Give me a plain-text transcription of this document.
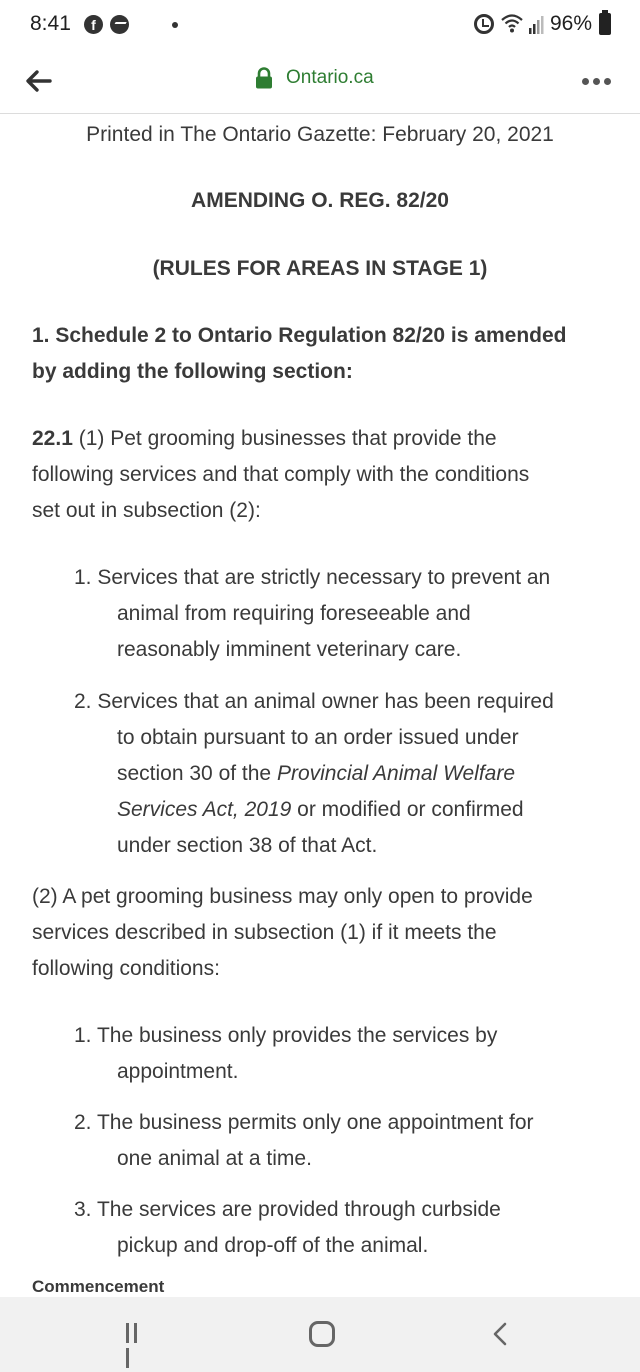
8:41	f	96%
Ontario.ca
Printed in The Ontario Gazette: February 20, 2021
AMENDING O. REG. 82/20
(RULES FOR AREAS IN STAGE 1)
1. Schedule 2 to Ontario Regulation 82/20 is amended
by adding the following section:
22.1 (1) Pet grooming businesses that provide the
following services and that comply with the conditions
set out in subsection (2):
1. Services that are strictly necessary to prevent an
animal from requiring foreseeable and
reasonably imminent veterinary care.
2. Services that an animal owner has been required
to obtain pursuant to an order issued under
section 30 of the Provincial Animal Welfare
Services Act, 2019 or modified or confirmed
under section 38 of that Act.
(2) A pet grooming business may only open to provide
services described in subsection (1) if it meets the
following conditions:
1. The business only provides the services by
appointment.
2. The business permits only one appointment for
one animal at a time.
3. The services are provided through curbside
pickup and drop-off of the animal.
Commencement
